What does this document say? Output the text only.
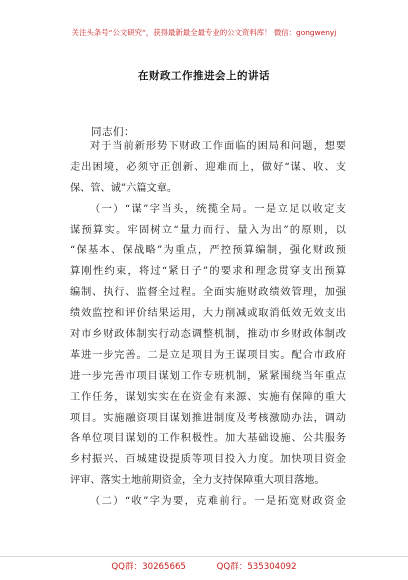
关注头条号“公文研究”，获得最新最全最专业的公文资料库！ 微信：gongwenyj
在财政工作推进会上的讲话
同志们：
对于当前新形势下财政工作面临的困局和问题，想要
走出困境，必须守正创新、迎难而上，做好“谋、收、支
保、管、诚”六篇文章。
（一）“谋”字当头，统揽全局。一是立足以收定支
谋预算实。牢固树立“量力而行、量入为出”的原则，以
“保基本、保战略”为重点，严控预算编制，强化财政预
算刚性约束，将过“紧日子”的要求和理念贯穿支出预算
编制、执行、监督全过程。全面实施财政绩效管理，加强
绩效监控和评价结果运用，大力削减或取消低效无效支出
对市乡财政体制实行动态调整机制，推动市乡财政体制改
革进一步完善。二是立足项目为王谋项目实。配合市政府
进一步完善市项目谋划工作专班机制，紧紧围绕当年重点
工作任务，谋划实实在在资金有来源、实施有保障的重大
项目。实施融资项目谋划推进制度及考核激励办法，调动
各单位项目谋划的工作积极性。加大基础设施、公共服务
乡村振兴、百城建设提质等项目投入力度。加快项目资金
评审、落实土地前期资金，全力支持保障重大项目落地。
（二）“收”字为要，克难前行。一是拓宽财政资金
QQ群：30265665	QQ群：535304092
